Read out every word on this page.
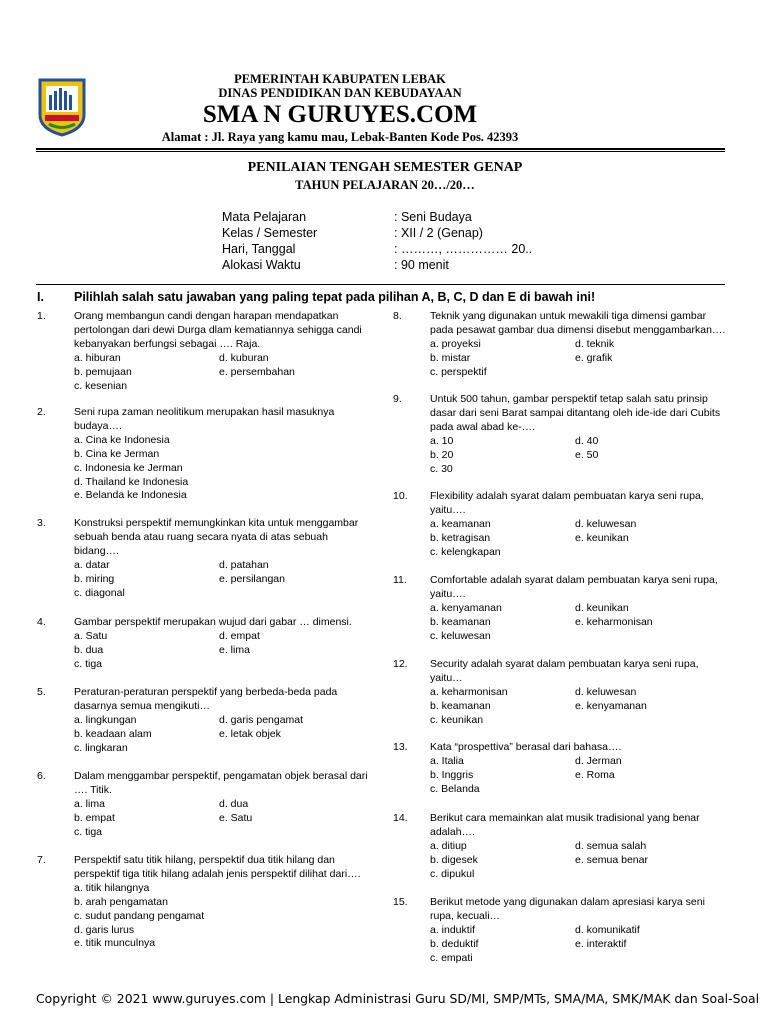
PEMERINTAH KABUPATEN LEBAK
DINAS PENDIDIKAN DAN KEBUDAYAAN
SMA N GURUYES.COM
Alamat : Jl. Raya yang kamu mau, Lebak-Banten Kode Pos. 42393
PENILAIAN TENGAH SEMESTER GENAP
TAHUN PELAJARAN 20…/20…
Mata Pelajaran	: Seni Budaya
Kelas / Semester	: XII / 2 (Genap)
Hari, Tanggal	: ………, …………… 20..
Alokasi Waktu	: 90 menit
I. Pilihlah salah satu jawaban yang paling tepat pada pilihan A, B, C, D dan E di bawah ini!
1.	Orang membangun candi dengan harapan mendapatkan
pertolongan dari dewi Durga dlam kematiannya sehigga candi
kebanyakan berfungsi sebagai …. Raja.
a. hiburan	d. kuburan
b. pemujaan	e. persembahan
c. kesenian
2.	Seni rupa zaman neolitikum merupakan hasil masuknya
budaya….
a. Cina ke Indonesia
b. Cina ke Jerman
c. Indonesia ke Jerman
d. Thailand ke Indonesia
e. Belanda ke Indonesia
3.	Konstruksi perspektif memungkinkan kita untuk menggambar
sebuah benda atau ruang secara nyata di atas sebuah
bidang….
a. datar	d. patahan
b. miring	e. persilangan
c. diagonal
4.	Gambar perspektif merupakan wujud dari gabar … dimensi.
a. Satu	d. empat
b. dua	e. lima
c. tiga
5.	Peraturan-peraturan perspektif yang berbeda-beda pada
dasarnya semua mengikuti…
a. lingkungan	d. garis pengamat
b. keadaan alam	e. letak objek
c. lingkaran
6.	Dalam menggambar perspektif, pengamatan objek berasal dari
…. Titik.
a. lima	d. dua
b. empat	e. Satu
c. tiga
7.	Perspektif satu titik hilang, perspektif dua titik hilang dan
perspektif tiga titik hilang adalah jenis perspektif dilihat dari….
a. titik hilangnya
b. arah pengamatan
c. sudut pandang pengamat
d. garis lurus
e. titik munculnya
8.	Teknik yang digunakan untuk mewakili tiga dimensi gambar
pada pesawat gambar dua dimensi disebut menggambarkan….
a. proyeksi	d. teknik
b. mistar	e. grafik
c. perspektif
9.	Untuk 500 tahun, gambar perspektif tetap salah satu prinsip
dasar dari seni Barat sampai ditantang oleh ide-ide dari Cubits
pada awal abad ke-….
a. 10	d. 40
b. 20	e. 50
c. 30
10. Flexibility adalah syarat dalam pembuatan karya seni rupa,
yaitu….
a. keamanan	d. keluwesan
b. ketragisan	e. keunikan
c. kelengkapan
11. Comfortable adalah syarat dalam pembuatan karya seni rupa,
yaitu….
a. kenyamanan	d. keunikan
b. keamanan	e. keharmonisan
c. keluwesan
12. Security adalah syarat dalam pembuatan karya seni rupa,
yaitu…
a. keharmonisan	d. keluwesan
b. keamanan	e. kenyamanan
c. keunikan
13. Kata “prospettiva” berasal dari bahasa….
a. Italia	d. Jerman
b. Inggris	e. Roma
c. Belanda
14. Berikut cara memainkan alat musik tradisional yang benar
adalah….
a. ditiup	d. semua salah
b. digesek	e. semua benar
c. dipukul
15. Berikut metode yang digunakan dalam apresiasi karya seni
rupa, kecuali…
a. induktif	d. komunikatif
b. deduktif	e. interaktif
c. empati
Copyright © 2021 www.guruyes.com | Lengkap Administrasi Guru SD/MI, SMP/MTs, SMA/MA, SMK/MAK dan Soal-Soal
